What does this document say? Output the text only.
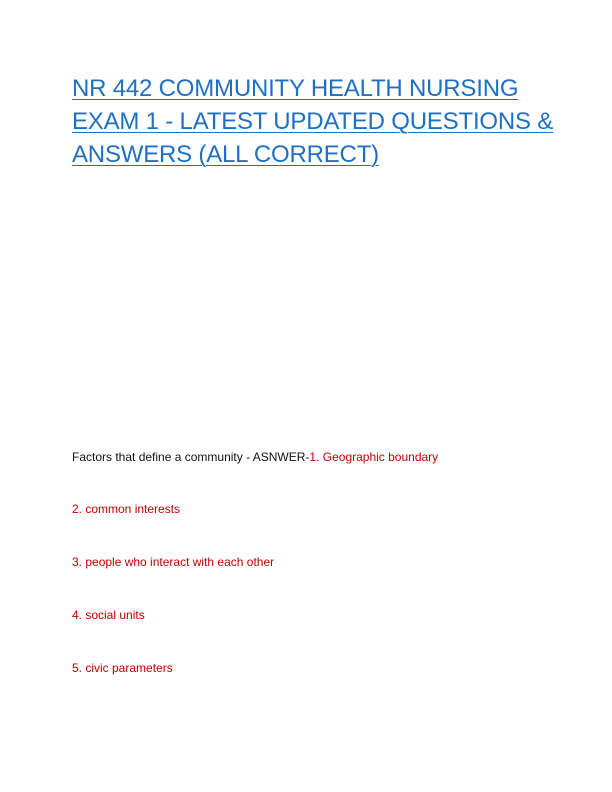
NR 442 COMMUNITY HEALTH NURSING
EXAM 1 - LATEST UPDATED QUESTIONS &
ANSWERS (ALL CORRECT)

Factors that define a community - ASNWER-1. Geographic boundary

2. common interests

3. people who interact with each other

4. social units

5. civic parameters
